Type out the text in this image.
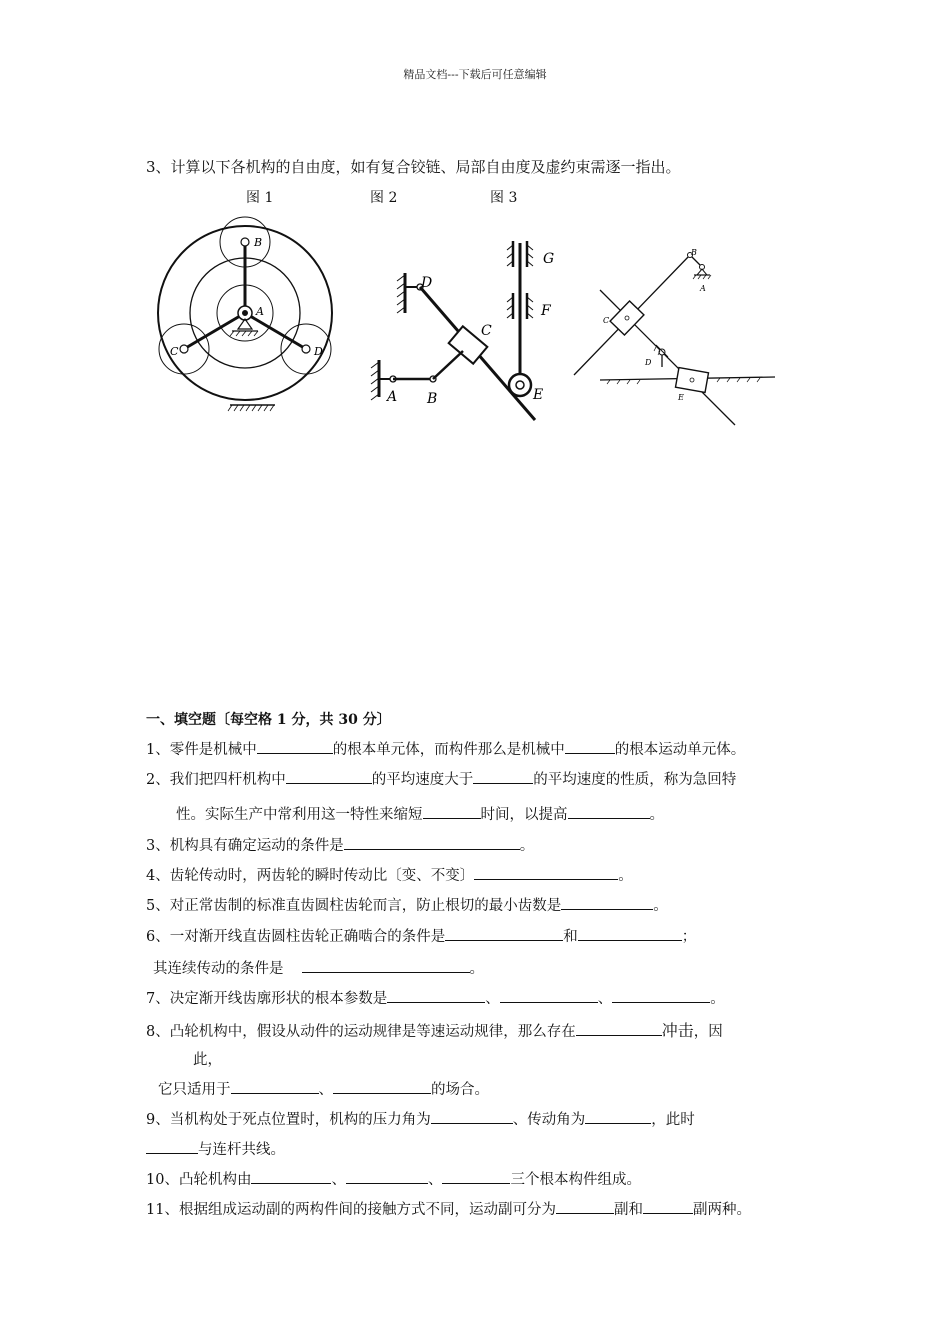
精品文档---下载后可任意编辑
3、计算以下各机构的自由度，如有复合铰链、局部自由度及虚约束需逐一指出。
图 1	图 2	图 3
B
A
C	D
D
C
G
F
A B	E
B
A
C
D
E
一、填空题〔每空格 1 分，共 30 分〕
1、零件是机械中	的根本单元体，而构件那么是机械中	的根本运动单元体。
2、我们把四杆机构中	的平均速度大于	的平均速度的性质，称为急回特
性。实际生产中常利用这一特性来缩短	时间，以提高	。
3、机构具有确定运动的条件是	。
4、齿轮传动时，两齿轮的瞬时传动比〔变、不变〕	。
5、对正常齿制的标准直齿圆柱齿轮而言，防止根切的最小齿数是	。
6、一对渐开线直齿圆柱齿轮正确啮合的条件是	和	；
其连续传动的条件是	。
7、决定渐开线齿廓形状的根本参数是	、	、	。
8、凸轮机构中，假设从动件的运动规律是等速运动规律，那么存在	冲击，因
此，
它只适用于	、	的场合。
9、当机构处于死点位置时，机构的压力角为	、传动角为	，此时
与连杆共线。
10、凸轮机构由	、	、	三个根本构件组成。
11、根据组成运动副的两构件间的接触方式不同，运动副可分为	副和	副两种。
